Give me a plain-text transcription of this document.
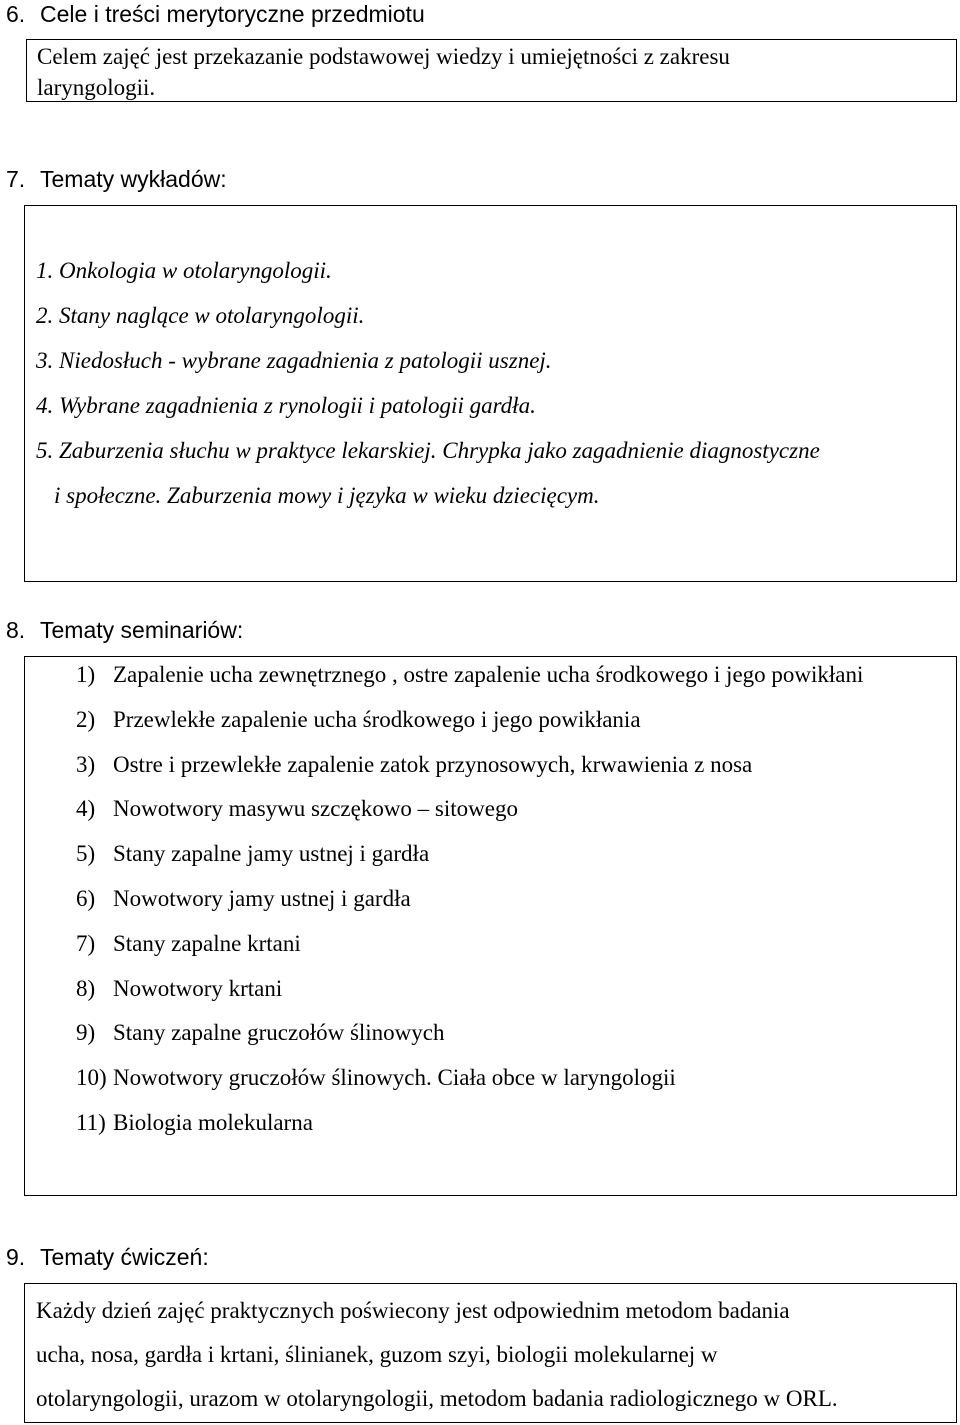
6. Cele i treści merytoryczne przedmiotu
Celem zajęć jest przekazanie podstawowej wiedzy i umiejętności z zakresu
laryngologii.
7. Tematy wykładów:
1. Onkologia w otolaryngologii.
2. Stany naglące w otolaryngologii.
3. Niedosłuch - wybrane zagadnienia z patologii usznej.
4. Wybrane zagadnienia z rynologii i patologii gardła.
5. Zaburzenia słuchu w praktyce lekarskiej. Chrypka jako zagadnienie diagnostyczne
i społeczne. Zaburzenia mowy i języka w wieku dziecięcym.
8. Tematy seminariów:
1) Zapalenie ucha zewnętrznego , ostre zapalenie ucha środkowego i jego powikłani
2) Przewlekłe zapalenie ucha środkowego i jego powikłania
3) Ostre i przewlekłe zapalenie zatok przynosowych, krwawienia z nosa
4) Nowotwory masywu szczękowo – sitowego
5) Stany zapalne jamy ustnej i gardła
6) Nowotwory jamy ustnej i gardła
7) Stany zapalne krtani
8) Nowotwory krtani
9) Stany zapalne gruczołów ślinowych
10) Nowotwory gruczołów ślinowych. Ciała obce w laryngologii
11) Biologia molekularna
9. Tematy ćwiczeń:
Każdy dzień zajęć praktycznych poświecony jest odpowiednim metodom badania
ucha, nosa, gardła i krtani, ślinianek, guzom szyi, biologii molekularnej w
otolaryngologii, urazom w otolaryngologii, metodom badania radiologicznego w ORL.
